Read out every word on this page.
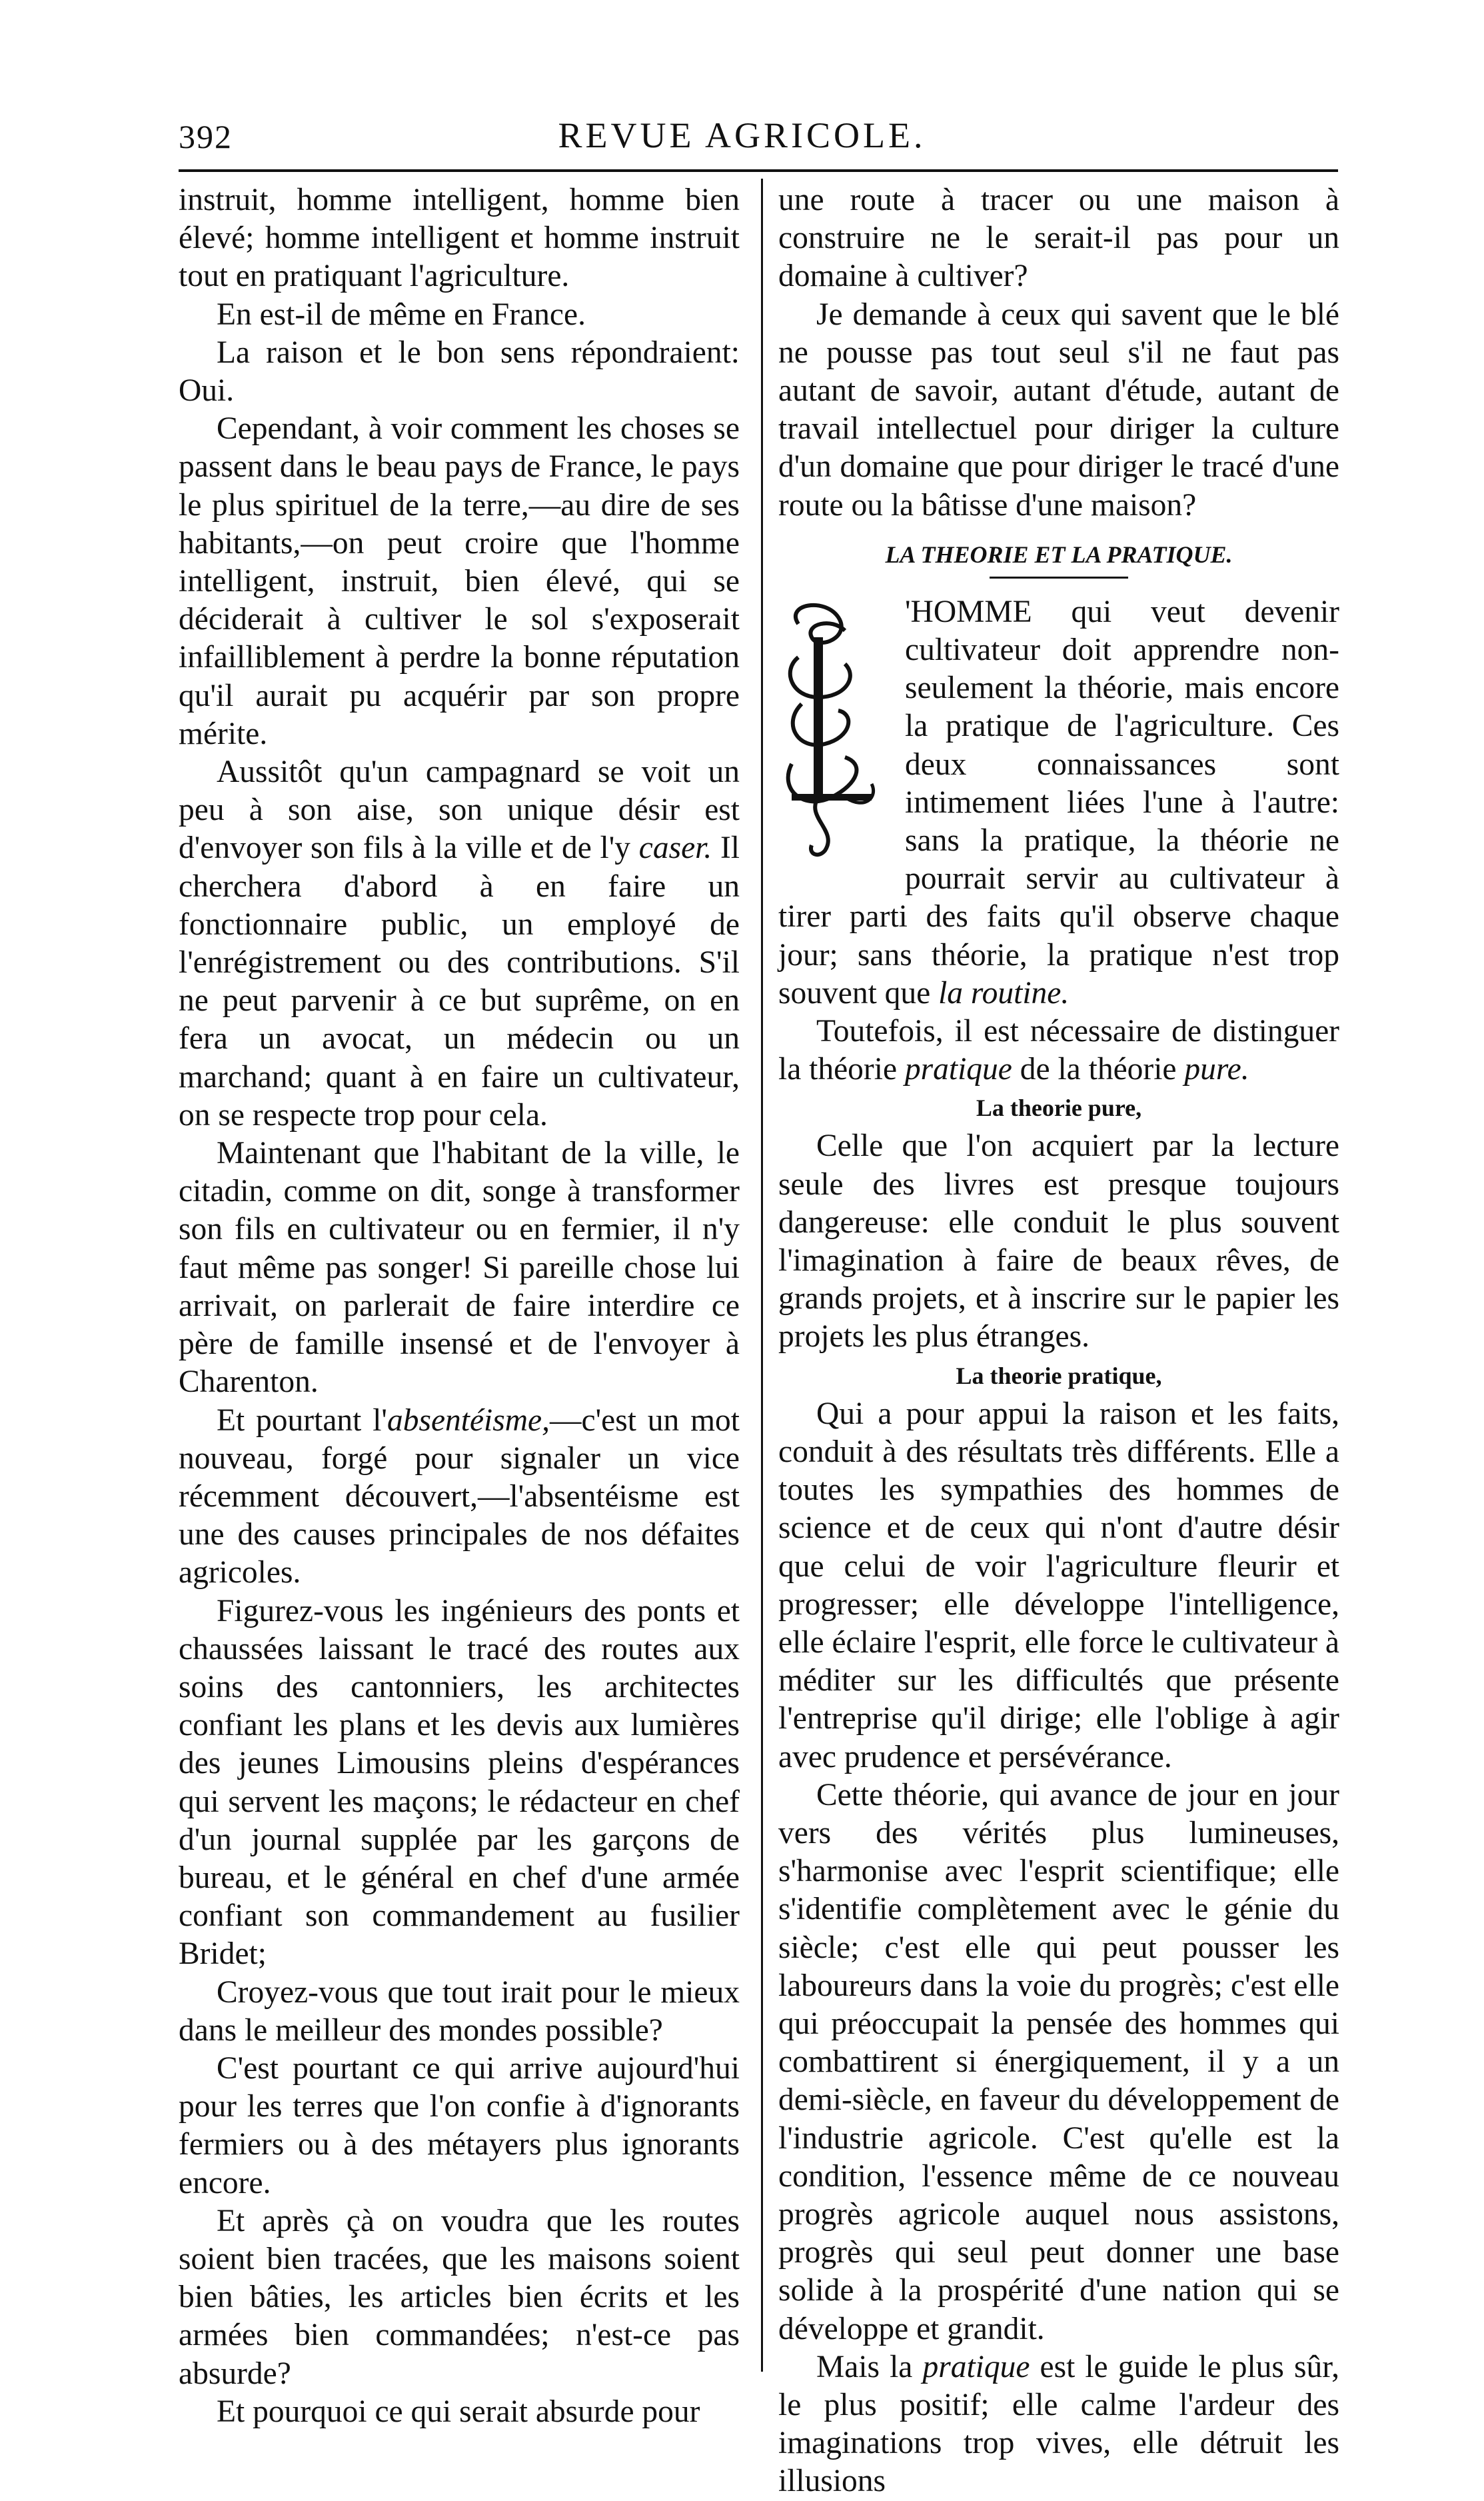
392	REVUE AGRICOLE.

instruit, homme intelligent, homme bien élevé; homme intelligent et homme instruit tout en pratiquant l'agriculture.

En est-il de même en France.

La raison et le bon sens répondraient: Oui.

Cependant, à voir comment les choses se passent dans le beau pays de France, le pays le plus spirituel de la terre,—au dire de ses habitants,—on peut croire que l'homme intelligent, instruit, bien élevé, qui se déciderait à cultiver le sol s'exposerait infailliblement à perdre la bonne réputation qu'il aurait pu acquérir par son propre mérite.

Aussitôt qu'un campagnard se voit un peu à son aise, son unique désir est d'envoyer son fils à la ville et de l'y caser. Il cherchera d'abord à en faire un fonctionnaire public, un employé de l'enrégistrement ou des contributions. S'il ne peut parvenir à ce but suprême, on en fera un avocat, un médecin ou un marchand; quant à en faire un cultivateur, on se respecte trop pour cela.

Maintenant que l'habitant de la ville, le citadin, comme on dit, songe à transformer son fils en cultivateur ou en fermier, il n'y faut même pas songer! Si pareille chose lui arrivait, on parlerait de faire interdire ce père de famille insensé et de l'envoyer à Charenton.

Et pourtant l'absentéisme,—c'est un mot nouveau, forgé pour signaler un vice récemment découvert,—l'absentéisme est une des causes principales de nos défaites agricoles.

Figurez-vous les ingénieurs des ponts et chaussées laissant le tracé des routes aux soins des cantonniers, les architectes confiant les plans et les devis aux lumières des jeunes Limousins pleins d'espérances qui servent les maçons; le rédacteur en chef d'un journal supplée par les garçons de bureau, et le général en chef d'une armée confiant son commandement au fusilier Bridet;

Croyez-vous que tout irait pour le mieux dans le meilleur des mondes possible?

C'est pourtant ce qui arrive aujourd'hui pour les terres que l'on confie à d'ignorants fermiers ou à des métayers plus ignorants encore.

Et après çà on voudra que les routes soient bien tracées, que les maisons soient bien bâties, les articles bien écrits et les armées bien commandées; n'est-ce pas absurde?

Et pourquoi ce qui serait absurde pour

une route à tracer ou une maison à construire ne le serait-il pas pour un domaine à cultiver?

Je demande à ceux qui savent que le blé ne pousse pas tout seul s'il ne faut pas autant de savoir, autant d'étude, autant de travail intellectuel pour diriger la culture d'un domaine que pour diriger le tracé d'une route ou la bâtisse d'une maison?

LA THEORIE ET LA PRATIQUE.

'HOMME qui veut devenir cultivateur doit apprendre non-seulement la théorie, mais encore la pratique de l'agriculture. Ces deux connaissances sont intimement liées l'une à l'autre: sans la pratique, la théorie ne pourrait servir au cultivateur à tirer parti des faits qu'il observe chaque jour; sans théorie, la pratique n'est trop souvent que la routine.

Toutefois, il est nécessaire de distinguer la théorie pratique de la théorie pure.

La theorie pure,

Celle que l'on acquiert par la lecture seule des livres est presque toujours dangereuse: elle conduit le plus souvent l'imagination à faire de beaux rêves, de grands projets, et à inscrire sur le papier les projets les plus étranges.

La theorie pratique,

Qui a pour appui la raison et les faits, conduit à des résultats très différents. Elle a toutes les sympathies des hommes de science et de ceux qui n'ont d'autre désir que celui de voir l'agriculture fleurir et progresser; elle développe l'intelligence, elle éclaire l'esprit, elle force le cultivateur à méditer sur les difficultés que présente l'entreprise qu'il dirige; elle l'oblige à agir avec prudence et persévérance.

Cette théorie, qui avance de jour en jour vers des vérités plus lumineuses, s'harmonise avec l'esprit scientifique; elle s'identifie complètement avec le génie du siècle; c'est elle qui peut pousser les laboureurs dans la voie du progrès; c'est elle qui préoccupait la pensée des hommes qui combattirent si énergiquement, il y a un demi-siècle, en faveur du développement de l'industrie agricole. C'est qu'elle est la condition, l'essence même de ce nouveau progrès agricole auquel nous assistons, progrès qui seul peut donner une base solide à la prospérité d'une nation qui se développe et grandit.

Mais la pratique est le guide le plus sûr, le plus positif; elle calme l'ardeur des imaginations trop vives, elle détruit les illusions
